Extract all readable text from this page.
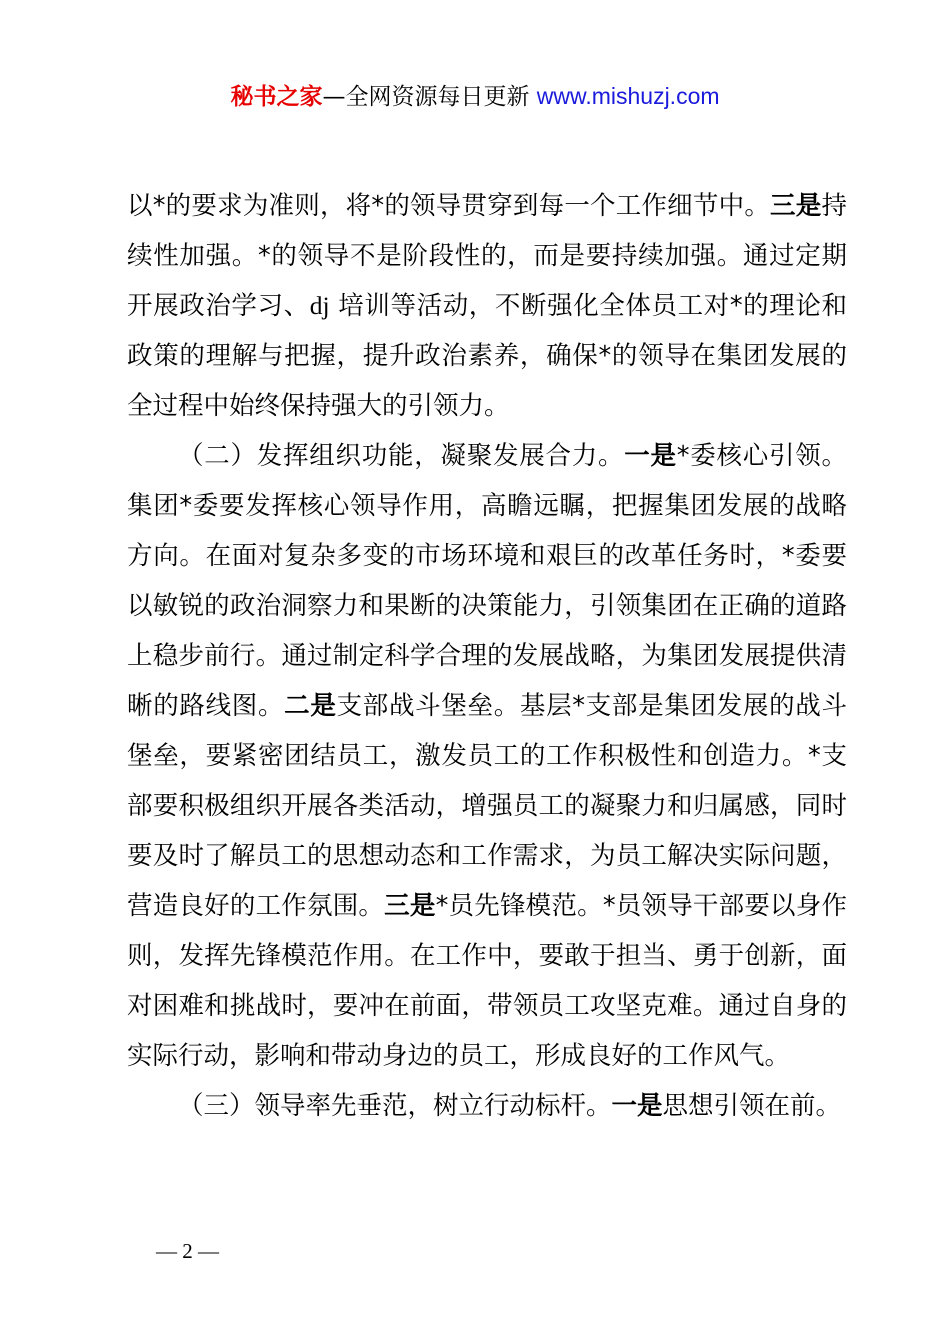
秘书之家—全网资源每日更新 www.mishuzj.com

以*的要求为准则，将*的领导贯穿到每一个工作细节中。三是持续性加强。*的领导不是阶段性的，而是要持续加强。通过定期开展政治学习、dj 培训等活动，不断强化全体员工对*的理论和政策的理解与把握，提升政治素养，确保*的领导在集团发展的全过程中始终保持强大的引领力。

（二）发挥组织功能，凝聚发展合力。一是*委核心引领。集团*委要发挥核心领导作用，高瞻远瞩，把握集团发展的战略方向。在面对复杂多变的市场环境和艰巨的改革任务时，*委要以敏锐的政治洞察力和果断的决策能力，引领集团在正确的道路上稳步前行。通过制定科学合理的发展战略，为集团发展提供清晰的路线图。二是支部战斗堡垒。基层*支部是集团发展的战斗堡垒，要紧密团结员工，激发员工的工作积极性和创造力。*支部要积极组织开展各类活动，增强员工的凝聚力和归属感，同时要及时了解员工的思想动态和工作需求，为员工解决实际问题，营造良好的工作氛围。三是*员先锋模范。*员领导干部要以身作则，发挥先锋模范作用。在工作中，要敢于担当、勇于创新，面对困难和挑战时，要冲在前面，带领员工攻坚克难。通过自身的实际行动，影响和带动身边的员工，形成良好的工作风气。

（三）领导率先垂范，树立行动标杆。一是思想引领在前。

— 2 —
